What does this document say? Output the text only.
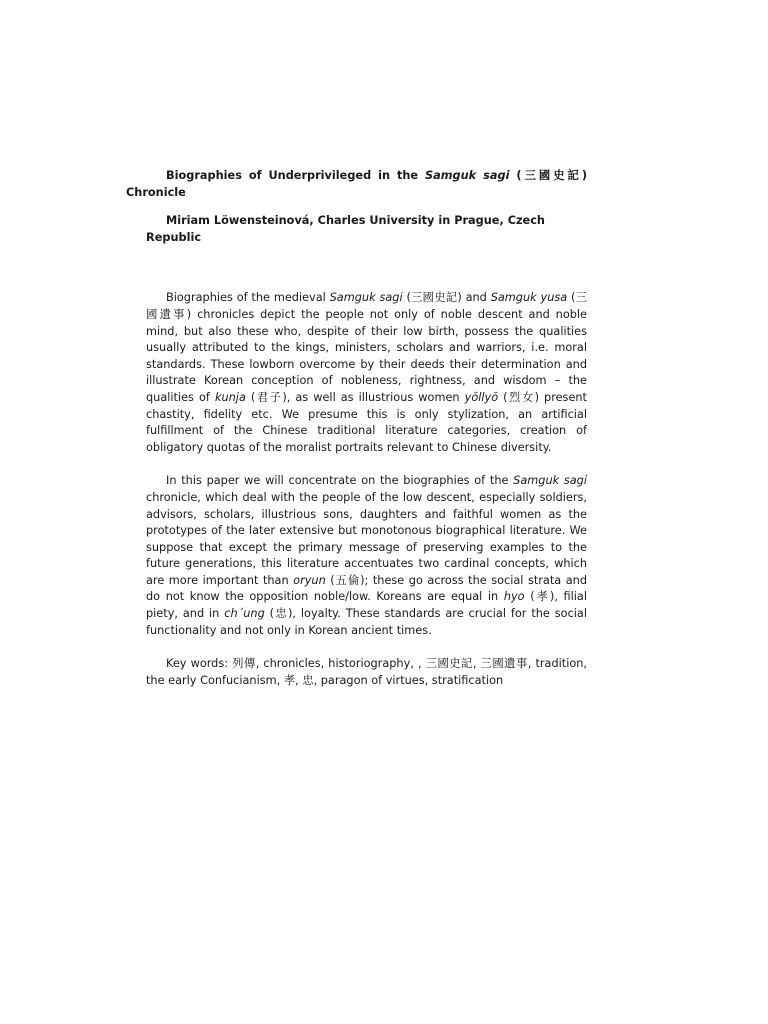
Biographies of Underprivileged in the Samguk sagi (三國史記)
Chronicle

Miriam Löwensteinová, Charles University in Prague, Czech Republic

Biographies of the medieval Samguk sagi (三國史記) and Samguk yusa (三國遺事) chronicles depict the people not only of noble descent and noble mind, but also these who, despite of their low birth, possess the qualities usually attributed to the kings, ministers, scholars and warriors, i.e. moral standards. These lowborn overcome by their deeds their determination and illustrate Korean conception of nobleness, rightness, and wisdom – the qualities of kunja (君子), as well as illustrious women yŏllyŏ (烈女) present chastity, fidelity etc. We presume this is only stylization, an artificial fulfillment of the Chinese traditional literature categories, creation of obligatory quotas of the moralist portraits relevant to Chinese diversity.

In this paper we will concentrate on the biographies of the Samguk sagi chronicle, which deal with the people of the low descent, especially soldiers, advisors, scholars, illustrious sons, daughters and faithful women as the prototypes of the later extensive but monotonous biographical literature. We suppose that except the primary message of preserving examples to the future generations, this literature accentuates two cardinal concepts, which are more important than oryun (五倫); these go across the social strata and do not know the opposition noble/low. Koreans are equal in hyo (孝), filial piety, and in ch´ung (忠), loyalty. These standards are crucial for the social functionality and not only in Korean ancient times.

Key words: 列傳, chronicles, historiography, , 三國史記, 三國遺事, tradition, the early Confucianism, 孝, 忠, paragon of virtues, stratification
